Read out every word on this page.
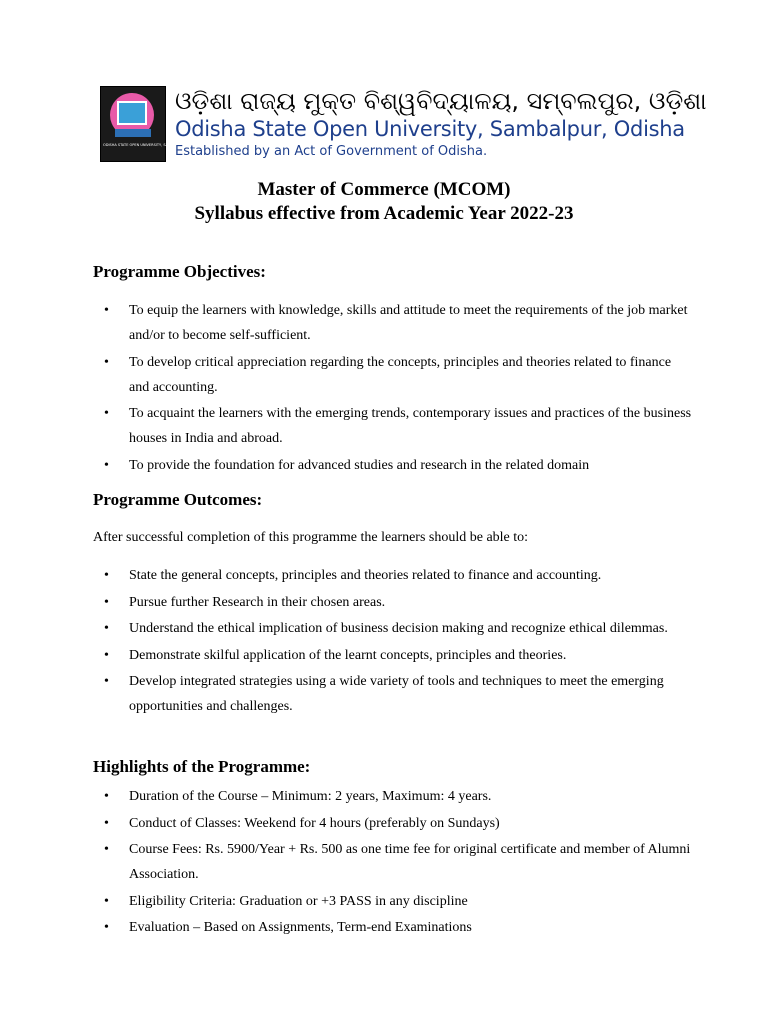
ODISHA STATE OPEN UNIVERSITY, SAMBALPUR
ଓଡ଼ିଶା ରାଜ୍ୟ ମୁକ୍ତ ବିଶ୍ୱବିଦ୍ୟାଳୟ, ସମ୍ବଲପୁର, ଓଡ଼ିଶା
Odisha State Open University, Sambalpur, Odisha
Established by an Act of Government of Odisha.
Master of Commerce (MCOM)
Syllabus effective from Academic Year 2022-23
Programme Objectives:
• To equip the learners with knowledge, skills and attitude to meet the requirements of the job market and/or to become self-sufficient.
• To develop critical appreciation regarding the concepts, principles and theories related to finance and accounting.
• To acquaint the learners with the emerging trends, contemporary issues and practices of the business houses in India and abroad.
• To provide the foundation for advanced studies and research in the related domain
Programme Outcomes:
After successful completion of this programme the learners should be able to:
• State the general concepts, principles and theories related to finance and accounting.
• Pursue further Research in their chosen areas.
• Understand the ethical implication of business decision making and recognize ethical dilemmas.
• Demonstrate skilful application of the learnt concepts, principles and theories.
• Develop integrated strategies using a wide variety of tools and techniques to meet the emerging opportunities and challenges.
Highlights of the Programme:
• Duration of the Course – Minimum: 2 years, Maximum: 4 years.
• Conduct of Classes: Weekend for 4 hours (preferably on Sundays)
• Course Fees: Rs. 5900/Year + Rs. 500 as one time fee for original certificate and member of Alumni Association.
• Eligibility Criteria: Graduation or +3 PASS in any discipline
• Evaluation – Based on Assignments, Term-end Examinations
